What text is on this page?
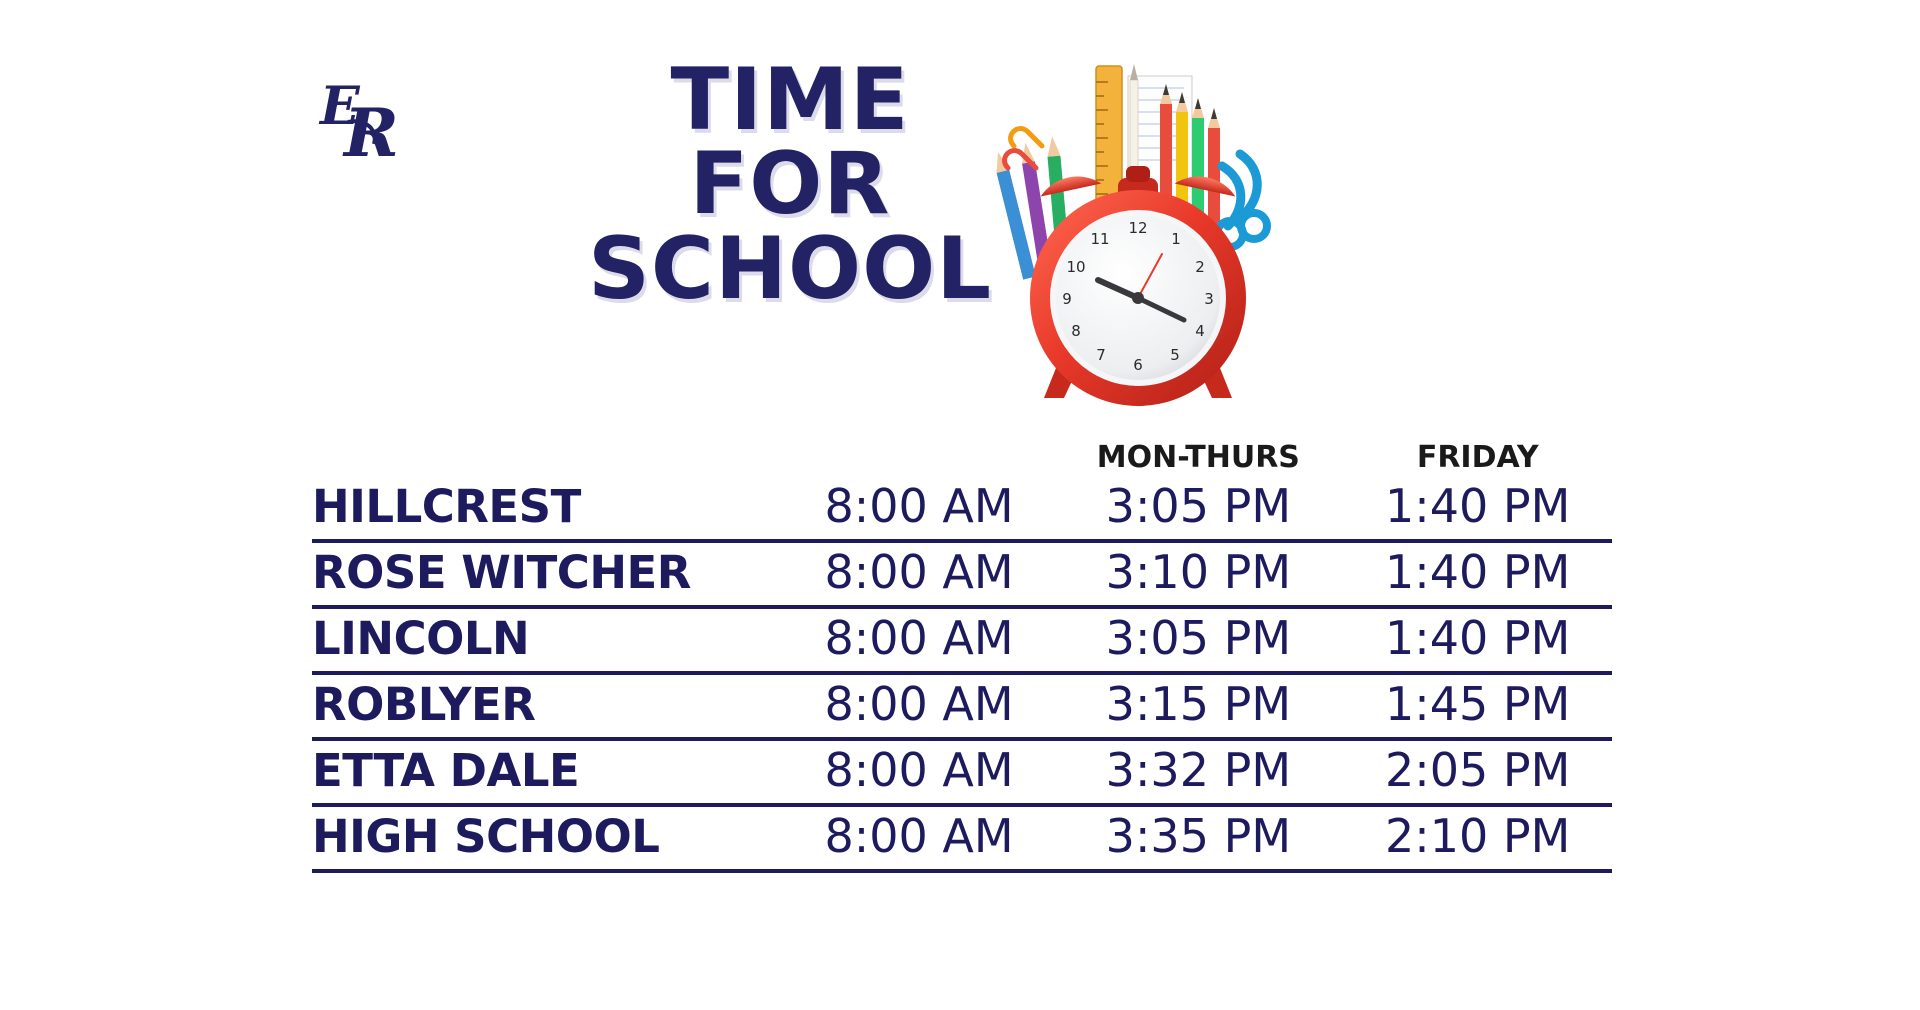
E
R	TIME
FOR
SCHOOL	12
1
2
3
4
5
6
7
8
9
10
11
		MON-THURS	FRIDAY
HILLCREST	8:00 AM	3:05 PM	1:40 PM
ROSE WITCHER	8:00 AM	3:10 PM	1:40 PM
LINCOLN	8:00 AM	3:05 PM	1:40 PM
ROBLYER	8:00 AM	3:15 PM	1:45 PM
ETTA DALE	8:00 AM	3:32 PM	2:05 PM
HIGH SCHOOL	8:00 AM	3:35 PM	2:10 PM
